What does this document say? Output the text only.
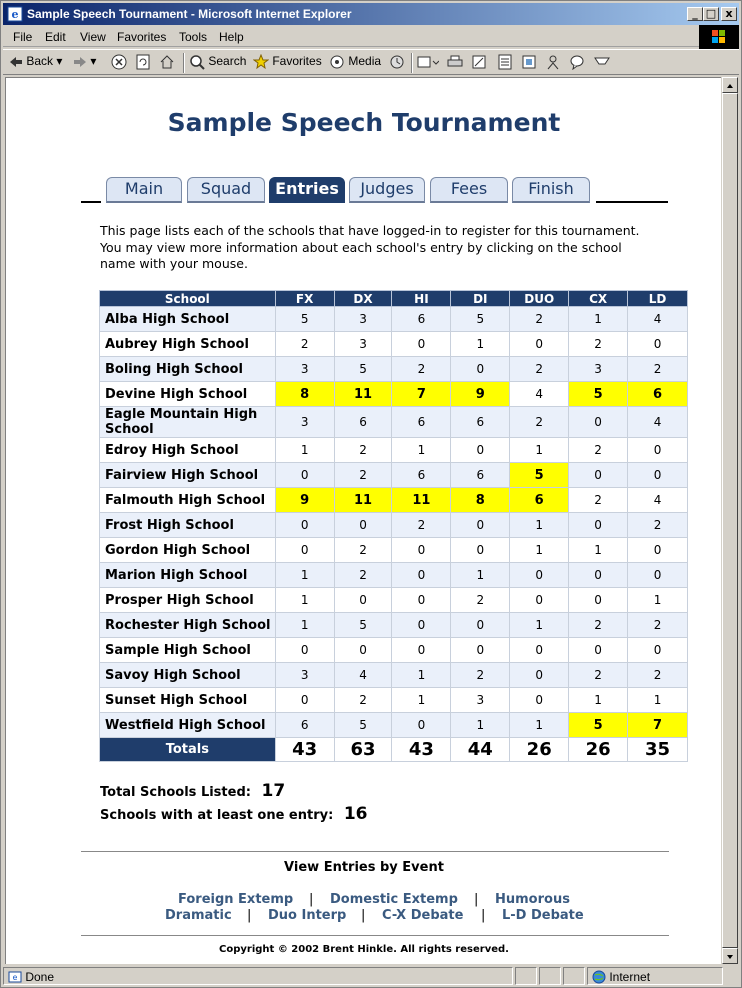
e Sample Speech Tournament - Microsoft Internet Explorer	_ □ x
File Edit View Favorites Tools Help
Back ▾	▾	Search	Favorites	Media
Sample Speech Tournament
Main	Squad	Entries	Judges	Fees	Finish
This page lists each of the schools that have logged-in to register for this tournament. You may view more information about each school's entry by clicking on the school name with your mouse.
School	FX	DX	HI	DI	DUO	CX	LD
Alba High School	5	3	6	5	2	1	4
Aubrey High School	2	3	0	1	0	2	0
Boling High School	3	5	2	0	2	3	2
Devine High School	8	11	7	9	4	5	6
Eagle Mountain High School	3	6	6	6	2	0	4
Edroy High School	1	2	1	0	1	2	0
Fairview High School	0	2	6	6	5	0	0
Falmouth High School	9	11	11	8	6	2	4
Frost High School	0	0	2	0	1	0	2
Gordon High School	0	2	0	0	1	1	0
Marion High School	1	2	0	1	0	0	0
Prosper High School	1	0	0	2	0	0	1
Rochester High School	1	5	0	0	1	2	2
Sample High School	0	0	0	0	0	0	0
Savoy High School	3	4	1	2	0	2	2
Sunset High School	0	2	1	3	0	1	1
Westfield High School	6	5	0	1	1	5	7
Totals	43	63	43	44	26	26	35
Total Schools Listed: 17
Schools with at least one entry: 16
View Entries by Event
Foreign Extemp | Domestic Extemp | Humorous
Dramatic | Duo Interp | C-X Debate | L-D Debate
Copyright © 2002 Brent Hinkle. All rights reserved.
e Done	Internet
